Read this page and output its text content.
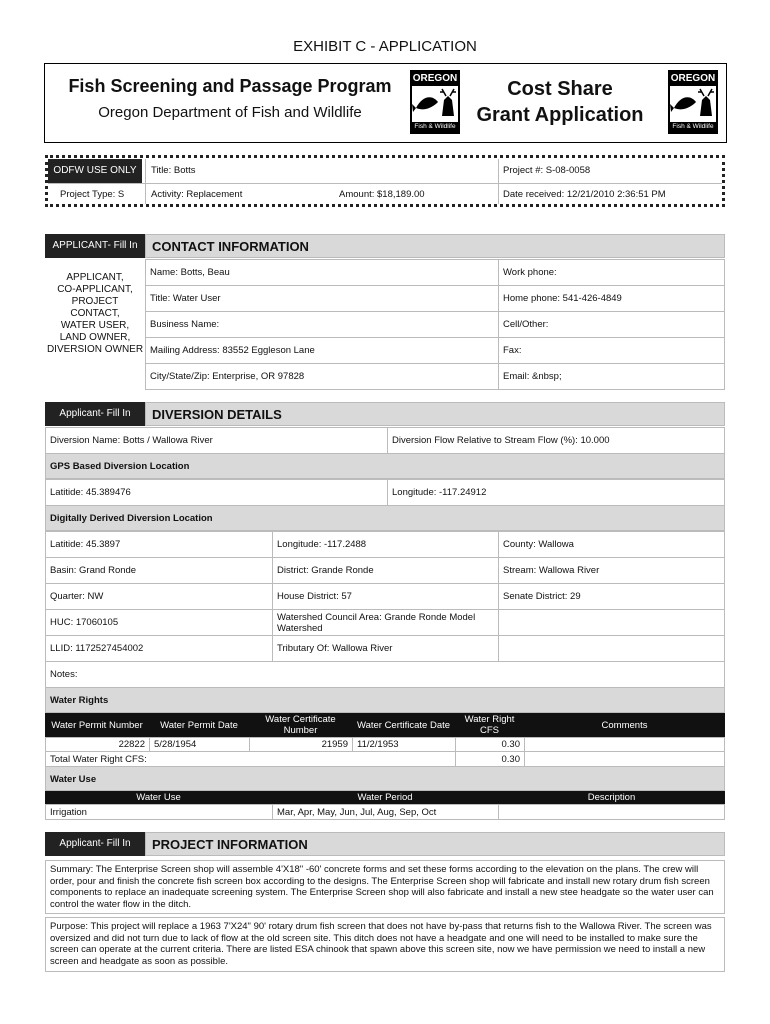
EXHIBIT C - APPLICATION
Fish Screening and Passage Program
Oregon Department of Fish and Wildlife
OREGON
Fish & Wildlife
Cost Share
Grant Application
OREGON
Fish & Wildlife
ODFW USE ONLY	Title: Botts	Project #: S-08-0058
Project Type: S	Activity: Replacement	Amount: $18,189.00	Date received: 12/21/2010 2:36:51 PM
APPLICANT- Fill In	CONTACT INFORMATION
APPLICANT,
CO-APPLICANT,
PROJECT
CONTACT,
WATER USER,
LAND OWNER,
DIVERSION OWNER
Name: Botts, Beau	Work phone:
Title: Water User	Home phone: 541-426-4849
Business Name:	Cell/Other:
Mailing Address: 83552 Eggleson Lane	Fax:
City/State/Zip: Enterprise, OR 97828	Email: &nbsp;
Applicant- Fill In	DIVERSION DETAILS
Diversion Name: Botts / Wallowa River	Diversion Flow Relative to Stream Flow (%): 10.000
GPS Based Diversion Location
Latitide: 45.389476	Longitude: -117.24912
Digitally Derived Diversion Location
Latitide: 45.3897	Longitude: -117.2488	County: Wallowa
Basin: Grand Ronde	District: Grande Ronde	Stream: Wallowa River
Quarter: NW	House District: 57	Senate District: 29
HUC: 17060105	Watershed Council Area: Grande Ronde Model Watershed	
LLID: 1172527454002	Tributary Of: Wallowa River	
Notes:		
Water Rights
Water Permit Number	Water Permit Date	Water Certificate Number	Water Certificate Date	Water Right CFS	Comments
22822	5/28/1954	21959	11/2/1953	0.30	
Total Water Right CFS:				0.30	
Water Use
Water Use	Water Period	Description
Irrigation	Mar, Apr, May, Jun, Jul, Aug, Sep, Oct	
Applicant- Fill In	PROJECT INFORMATION
Summary: The Enterprise Screen shop will assemble 4'X18" -60' concrete forms and set these forms according to the elevation on the plans. The crew will order, pour and finish the concrete fish screen box according to the designs. The Enterprise Screen shop will fabricate and install new rotary drum fish screen components to replace an inadequate screening system. The Enterprise Screen shop will also fabricate and install a new stee headgate so the water user can control the water flow in the ditch.
Purpose: This project will replace a 1963 7'X24" 90' rotary drum fish screen that does not have by-pass that returns fish to the Wallowa River. The screen was oversized and did not turn due to lack of flow at the old screen site. This ditch does not have a headgate and one will need to be installed to make sure the screen can operate at the current criteria. There are listed ESA chinook that spawn above this screen site, now we have permission we need to install a new screen and headgate as soon as possible.
